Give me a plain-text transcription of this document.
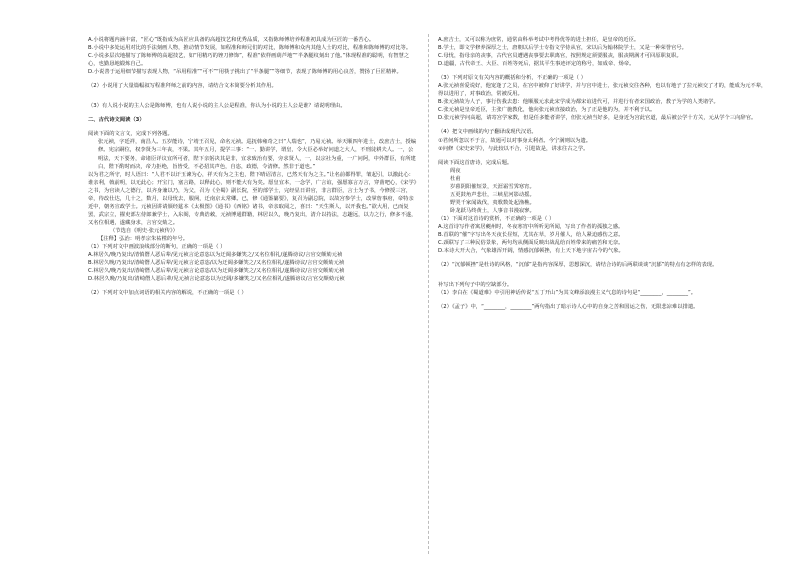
A.小说将题内涵丰富，“匠心”既指成为高匠应具备的高超技艺和优秀品质，又指陈师傅培养程准初具成为巨匠的一番苦心。

B.小说中多处运用对比的手法刻画人物，推动情节发展，如程准和师兄们的对比，陈师傅和众内其他人士的对比，程准和陈师傅的对比等。

C.小说多层次地描写了陈师傅的高超技艺，如“用精巧的锉刀修饰”，程准“依样画葫芦地”“半条腿纹刻出了他。”体现程准的聪明，有智慧之心，也勤恳地锻炼自己。

D.小说善于运用细节描写表现人物，“吊用程准”“可不”“用筷子挑出了“半条腿””等细节，表现了陈师傅的用心良苦，赞扬了巨匠精神。

（2）小说用了大量篇幅叙写程准拜师之前的内容，请结合文本简要分析其作用。

（3）有人说小说的主人公是陈师傅，也有人说小说的主人公是程准，你认为小说的主人公是谁？请说明理由。

二、古代诗文阅读（3）

阅读下面的文言文，完成下列各题。

张元祯，字廷祥，南昌人。五岁能诗，宁靖王召见，命名元祯。巡抚韩雍奇之曰“人瑞也”，乃易元祯。举天顺四年进士，改庶吉士，授编修。宪宗嗣位，权李贤为三年丧，不果。其年五月，提学三事：“一、勤讲学，谓皇，令大臣必举好问道之大人，不刑徒耕夫人。一，公明法，天下要务，命诸臣详议宜所可者，陛下亲躬决其是非，宜求致治有要，旁求贤人，一，以宗社为重，一广问阿，中外群臣，有所建白，陛下酌时而决，帝力拒绝，旨皆受，不必招其声色，自恣，政德，令清修。然非于道也。”

以为君之所守，时人语曰：“人君不以讦玉谏为心，祥天有为之主也，陛下晴诏清言，已然天有为之主。”让名前都得罪，皱起引，以激此心：谁亲利，戟前明，以无此心；开宝门，塞言路，以释此心，则不能大有为矣。愿皇宜本，一念学，广言谊，强愿寡言万言，穿凿吧心，《宋学》之书，为官读人之德行，以齐身兼以乃，为父，召为《全蜀》副长院，至的部学士，完经显日讲官，非言群臣，言士为子书，今修授三宫，帝，待改仕达，几十之，数月，以母忧去，服阕，迁南京太常卿。已，修《通鉴纂要》，复召为副总院，以故宫参学士，改掌詹事府，帝特亲近中，朝务宣政学士。元祯因讲请颁经筵本《太极图》《通书》《西铭》诸书，帝亲取阅之，喜曰：“天生斯人，以开我也。”欲大用，已而复罢，武宗立，擢吏部左侍郎兼学士，入东阁，专典诰敕，元祯博通群籍，林居以久，晚乃复出，清介以持法，志趣远，以力之行，修多不遂，又名位相遇，遂藏身求，言官交劾之。

（节选自《明史·张元祯传》）

【注释】弘治：明孝宗朱祐樘的年号。

（1）下列对文中画波浪线部分的断句，正确的一项是（ ）

A.林居久/晚乃复出/清慎僭人恶后辈/见元祯言论意恣以为迂阔多嫌笑之/又名位相礼/遂腾谤议/言官交颇劾元祯

B.林居久晚/乃复出/清崎僭人恶后辈/见元祯言论意恣/以为迂阔多嫌笑之/又名位相礼/遂腾谤议/言官交颇劾元祯

C.林居久/晚乃复出/清崎僭人恶后辈/见元祯言论意恣/以为迂阔多嫌笑之/又名位相礼/遂腾谤议/言官交颇劾元祯

D.林居久晚/乃复出/清崎僭人恶后辈/见元祯言论意恣以为迂阔/多嫌笑之/又名位相礼/遂腾谤议/言官交颇劾元祯

（2）下列对文中加点词语的相关内容的解说，不正确的一项是（ ）

A.庶吉士，又可以称为庶常，通常由科举考试中考得优等的进士担任，是皇帝的近臣。

B.学士，即文学修养深厚之士，唐朝以后学士专指文学侍从官，宋以后为翰林院学士，又是一种荣誉官号。

C.母忧，指母亲的丧事，古代官员遭遇丧事要去职离官，按照规定须要服丧，服丧期满才可回原职复职。

D.道疆，古代帝王、大臣、百姓等死后，据其平生事迹评定的称号，如成帝、炀帝。

（3）下列对原文有关内容的概括和分析，不正确的一项是（ ）

A.张元祯喜爱说好，他宠逢了之员，在宫中被仰了好讲学，并与宫中进士，张元祯交往各种，也以有地子了拉元祯交了才的，能成为元不辈，得以进用了，对事政治，常被反用。

B.张元祯故为人子，事行伤我去患：他顺服元求此宋学成为都宋谊进代可，并进行有者宋国政治，教子为学的人类诸学。

C.张元祯是皇帝近臣，主张广施教化，他向张元祯直接政治，为了正是他的为，并不利于以。

D.张元祯学问高超，请寄宫学家数，但是任多能者讲学，但张元祯当好多，是身近为宫此官道，最后被公学十方关，元从学个三向辞官。

（4）把文中画线的句子翻译成现代汉语。

①君何所忽以不于言，故遏可以对事身太利者。今宁满则以为遗。

②问修《宋史宋学》，与此较以不合，引进故是，讲求往古之学。

阅读下面这首唐诗，完成后题。

阁夜

杜甫

岁暮阴阳催短景，天涯霜雪霁寒宵。

五更鼓角声悲壮，三峡星河影动摇。

野哭千家闻战伐，夷歌数处起渔樵。

卧龙跃马终黄土，人事音书漫寂寥。

（1）下面对这首诗的赏析，不正确的一项是（ ）

A.这首诗写作者寓居夔州时，冬夜寒宵中所听见所闻，写出了作者的孤独之感。

B.首联的“催”字写出冬天夜长昼短，尤其在草，岁月催人，给人紧迫感伤之意。

C.颈联写了三种民俗景象，两句均从侧面反映出战乱给百姓带来的痛苦和无奈。

D.本诗大开大合，气象雄浑开阔，情感沉郁顿挫，有上天下地宇宙古今的气象。

（2）“沉郁顿挫”是杜诗的风格，“沉郁”是指内容深厚，思想深沉，请结合诗的后两联谈谈“沉郁”的特点有怎样的表现。

补写出下列句子中的空缺部分。

（1）李白在《蜀道难》中引用神话传说“五丁开山”为其文峰添浪漫主义气息的诗句是“________，________”。

（2）《孟子》中，“________，________”两句指出了暗示诗人心中的自身之苦和国运之伤，无限悲凉难以排遣。
